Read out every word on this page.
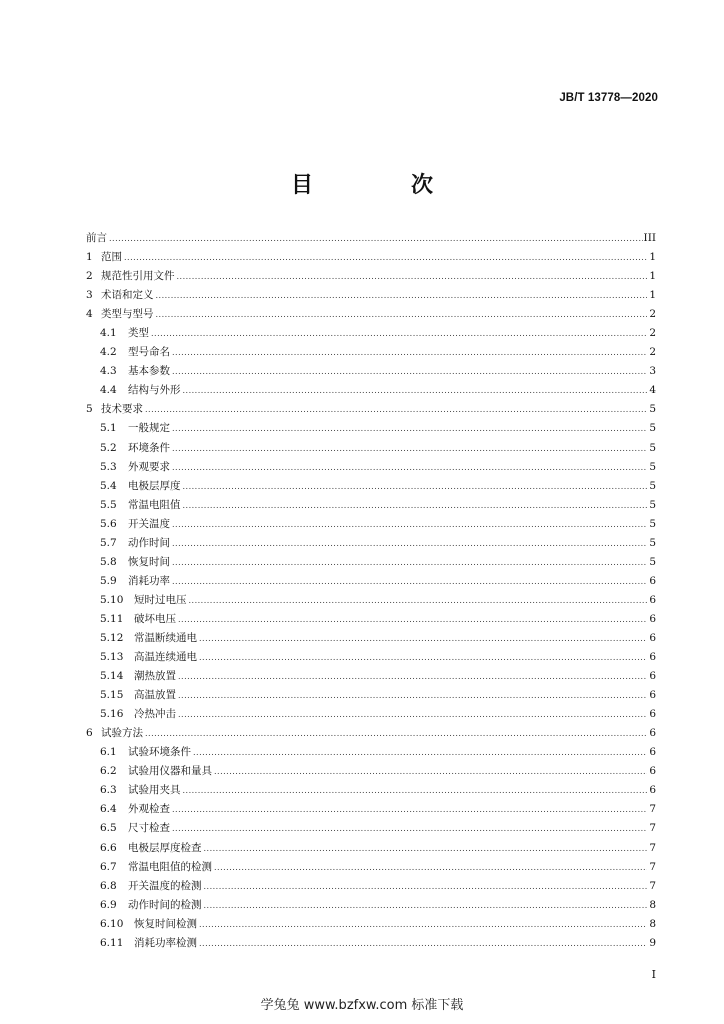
JB/T 13778—2020
目　次
前言 .....	III
1 范围 .....	1
2 规范性引用文件 .....	1
3 术语和定义 .....	1
4 类型与型号 .....	2
4.1	类型 .....	2
4.2	型号命名 .....	2
4.3	基本参数 .....	3
4.4	结构与外形 .....	4
5 技术要求 .....	5
5.1	一般规定 .....	5
5.2	环境条件 .....	5
5.3	外观要求 .....	5
5.4	电极层厚度 .....	5
5.5	常温电阻值 .....	5
5.6	开关温度 .....	5
5.7	动作时间 .....	5
5.8	恢复时间 .....	5
5.9	消耗功率 .....	6
5.10	短时过电压 .....	6
5.11	破坏电压 .....	6
5.12	常温断续通电 .....	6
5.13	高温连续通电 .....	6
5.14	潮热放置 .....	6
5.15	高温放置 .....	6
5.16	冷热冲击 .....	6
6 试验方法 .....	6
6.1	试验环境条件 .....	6
6.2	试验用仪器和量具 .....	6
6.3	试验用夹具 .....	6
6.4	外观检查 .....	7
6.5	尺寸检查 .....	7
6.6	电极层厚度检查 .....	7
6.7	常温电阻值的检测 .....	7
6.8	开关温度的检测 .....	7
6.9	动作时间的检测 .....	8
6.10	恢复时间检测 .....	8
6.11	消耗功率检测 .....	9
I
学兔兔 www.bzfxw.com 标准下载
